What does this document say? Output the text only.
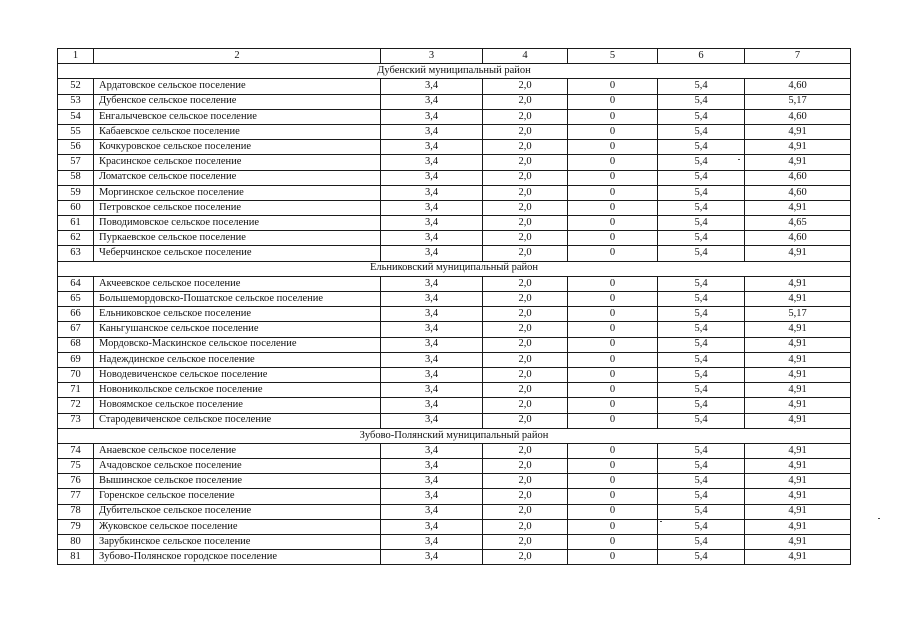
1	2	3	4	5	6	7
Дубенский муниципальный район						
52	Ардатовское сельское поселение	3,4	2,0	0	5,4	4,60
53	Дубенское сельское поселение	3,4	2,0	0	5,4	5,17
54	Енгалычевское сельское поселение	3,4	2,0	0	5,4	4,60
55	Кабаевское сельское поселение	3,4	2,0	0	5,4	4,91
56	Кочкуровское сельское поселение	3,4	2,0	0	5,4	4,91
57	Красинское сельское поселение	3,4	2,0	0	5,4	4,91
58	Ломатское сельское поселение	3,4	2,0	0	5,4	4,60
59	Моргинское сельское поселение	3,4	2,0	0	5,4	4,60
60	Петровское сельское поселение	3,4	2,0	0	5,4	4,91
61	Поводимовское сельское поселение	3,4	2,0	0	5,4	4,65
62	Пуркаевское сельское поселение	3,4	2,0	0	5,4	4,60
63	Чеберчинское сельское поселение	3,4	2,0	0	5,4	4,91
Ельниковский муниципальный район						
64	Акчеевское сельское поселение	3,4	2,0	0	5,4	4,91
65	Большемордовско-Пошатское сельское поселение	3,4	2,0	0	5,4	4,91
66	Ельниковское сельское поселение	3,4	2,0	0	5,4	5,17
67	Каньгушанское сельское поселение	3,4	2,0	0	5,4	4,91
68	Мордовско-Маскинское сельское поселение	3,4	2,0	0	5,4	4,91
69	Надеждинское сельское поселение	3,4	2,0	0	5,4	4,91
70	Новодевиченское сельское поселение	3,4	2,0	0	5,4	4,91
71	Новоникольское сельское поселение	3,4	2,0	0	5,4	4,91
72	Новоямское сельское поселение	3,4	2,0	0	5,4	4,91
73	Стародевиченское сельское поселение	3,4	2,0	0	5,4	4,91
Зубово-Полянский муниципальный район						
74	Анаевское сельское поселение	3,4	2,0	0	5,4	4,91
75	Ачадовское сельское поселение	3,4	2,0	0	5,4	4,91
76	Вышинское сельское поселение	3,4	2,0	0	5,4	4,91
77	Горенское сельское поселение	3,4	2,0	0	5,4	4,91
78	Дубительское сельское поселение	3,4	2,0	0	5,4	4,91
79	Жуковское сельское поселение	3,4	2,0	0	5,4	4,91
80	Зарубкинское сельское поселение	3,4	2,0	0	5,4	4,91
81	Зубово-Полянское городское поселение	3,4	2,0	0	5,4	4,91
